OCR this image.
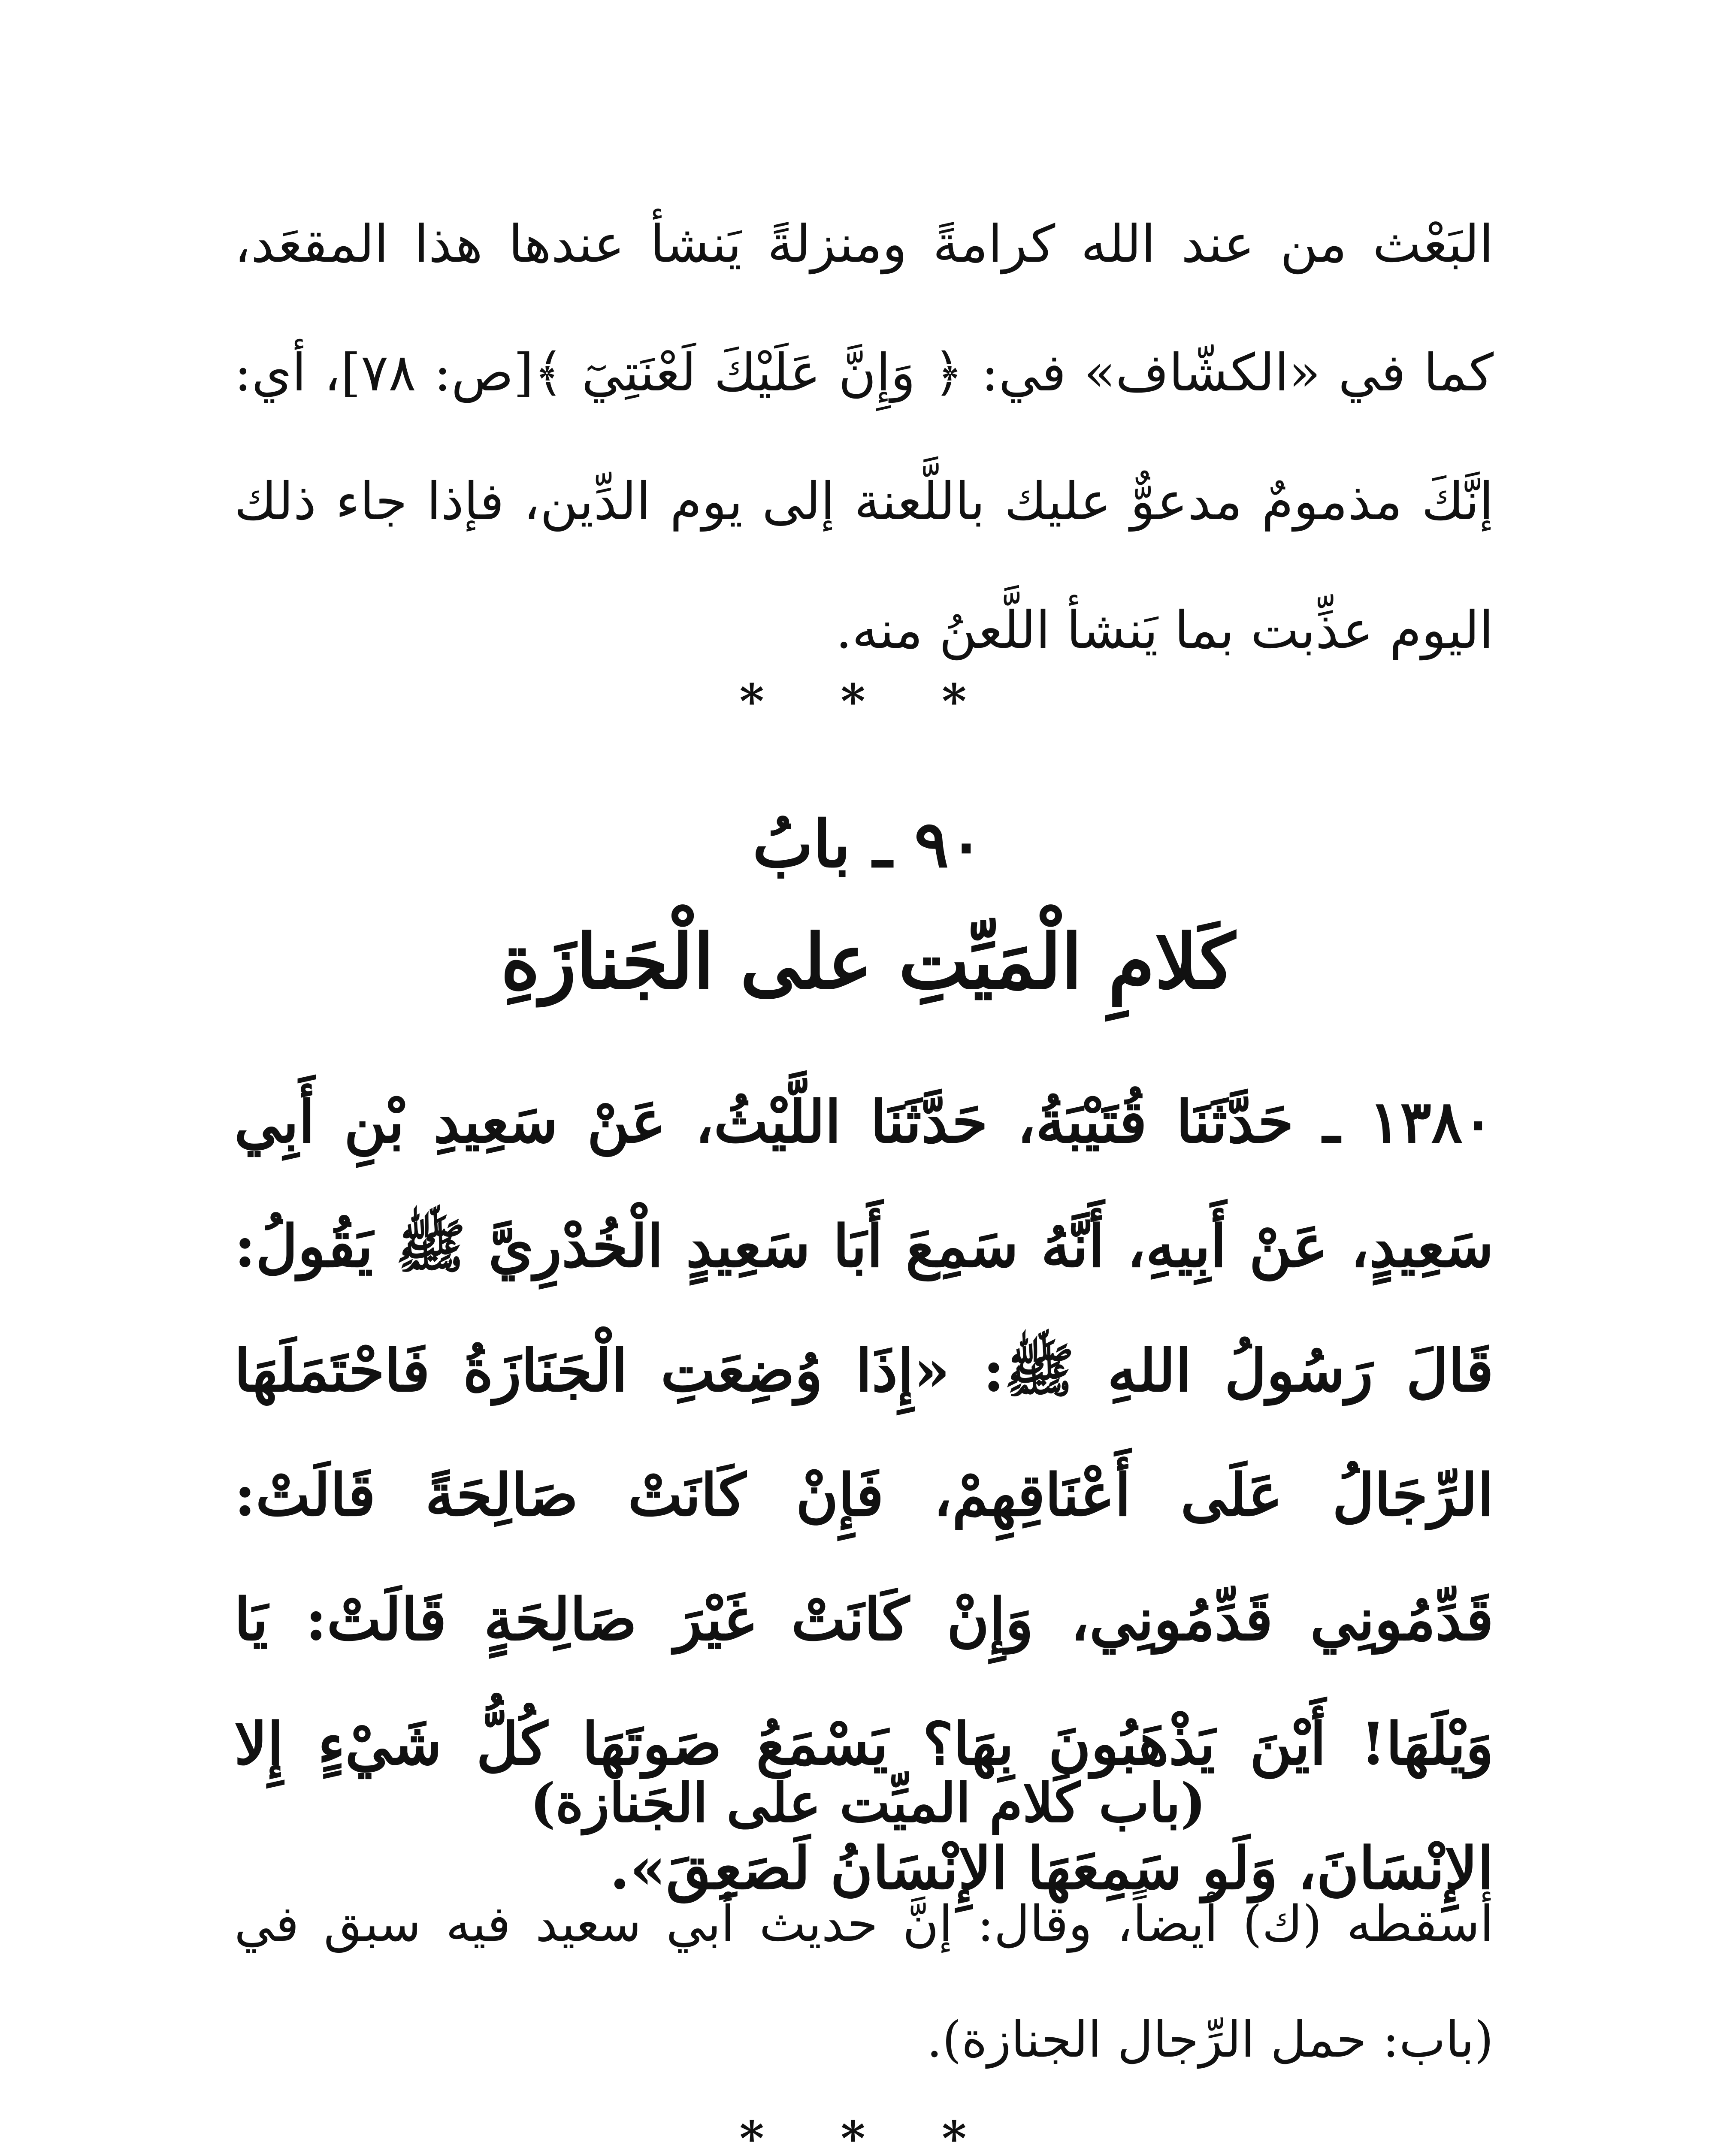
البَعْث من عند الله كرامةً ومنزلةً يَنشأ عندها هذا المقعَد، كما في «الكشّاف» في: ﴿ وَإِنَّ عَلَيْكَ لَعْنَتِيٓ ﴾[ص: ٧٨]، أي: إنَّكَ مذمومٌ مدعوٌّ عليك باللَّعنة إلى يوم الدِّين، فإذا جاء ذلك اليوم عذِّبت بما يَنشأ اللَّعنُ منه.

* * *
٩٠ ـ بابُ
كَلامِ الْمَيِّتِ على الْجَنازَةِ

١٣٨٠ ـ حَدَّثَنَا قُتَيْبَةُ، حَدَّثَنَا اللَّيْثُ، عَنْ سَعِيدِ بْنِ أَبِي سَعِيدٍ، عَنْ أَبِيهِ، أَنَّهُ سَمِعَ أَبَا سَعِيدٍ الْخُدْرِيَّ ﷺ يَقُولُ: قَالَ رَسُولُ اللهِ ﷺ: «إِذَا وُضِعَتِ الْجَنَازَةُ فَاحْتَمَلَهَا الرِّجَالُ عَلَى أَعْنَاقِهِمْ، فَإِنْ كَانَتْ صَالِحَةً قَالَتْ: قَدِّمُونِي قَدِّمُونِي، وَإِنْ كَانَتْ غَيْرَ صَالِحَةٍ قَالَتْ: يَا وَيْلَهَا! أَيْنَ يَذْهَبُونَ بِهَا؟ يَسْمَعُ صَوتَهَا كُلُّ شَيْءٍ إِلا الإِنْسَانَ، وَلَو سَمِعَهَا الإِنْسَانُ لَصَعِقَ».

(باب كَلام الميِّت على الجَنازة)

أسقطه (ك) أيضاً، وقال: إنَّ حديث أبي سعيد فيه سبق في (باب: حمل الرِّجال الجنازة).

* * *
